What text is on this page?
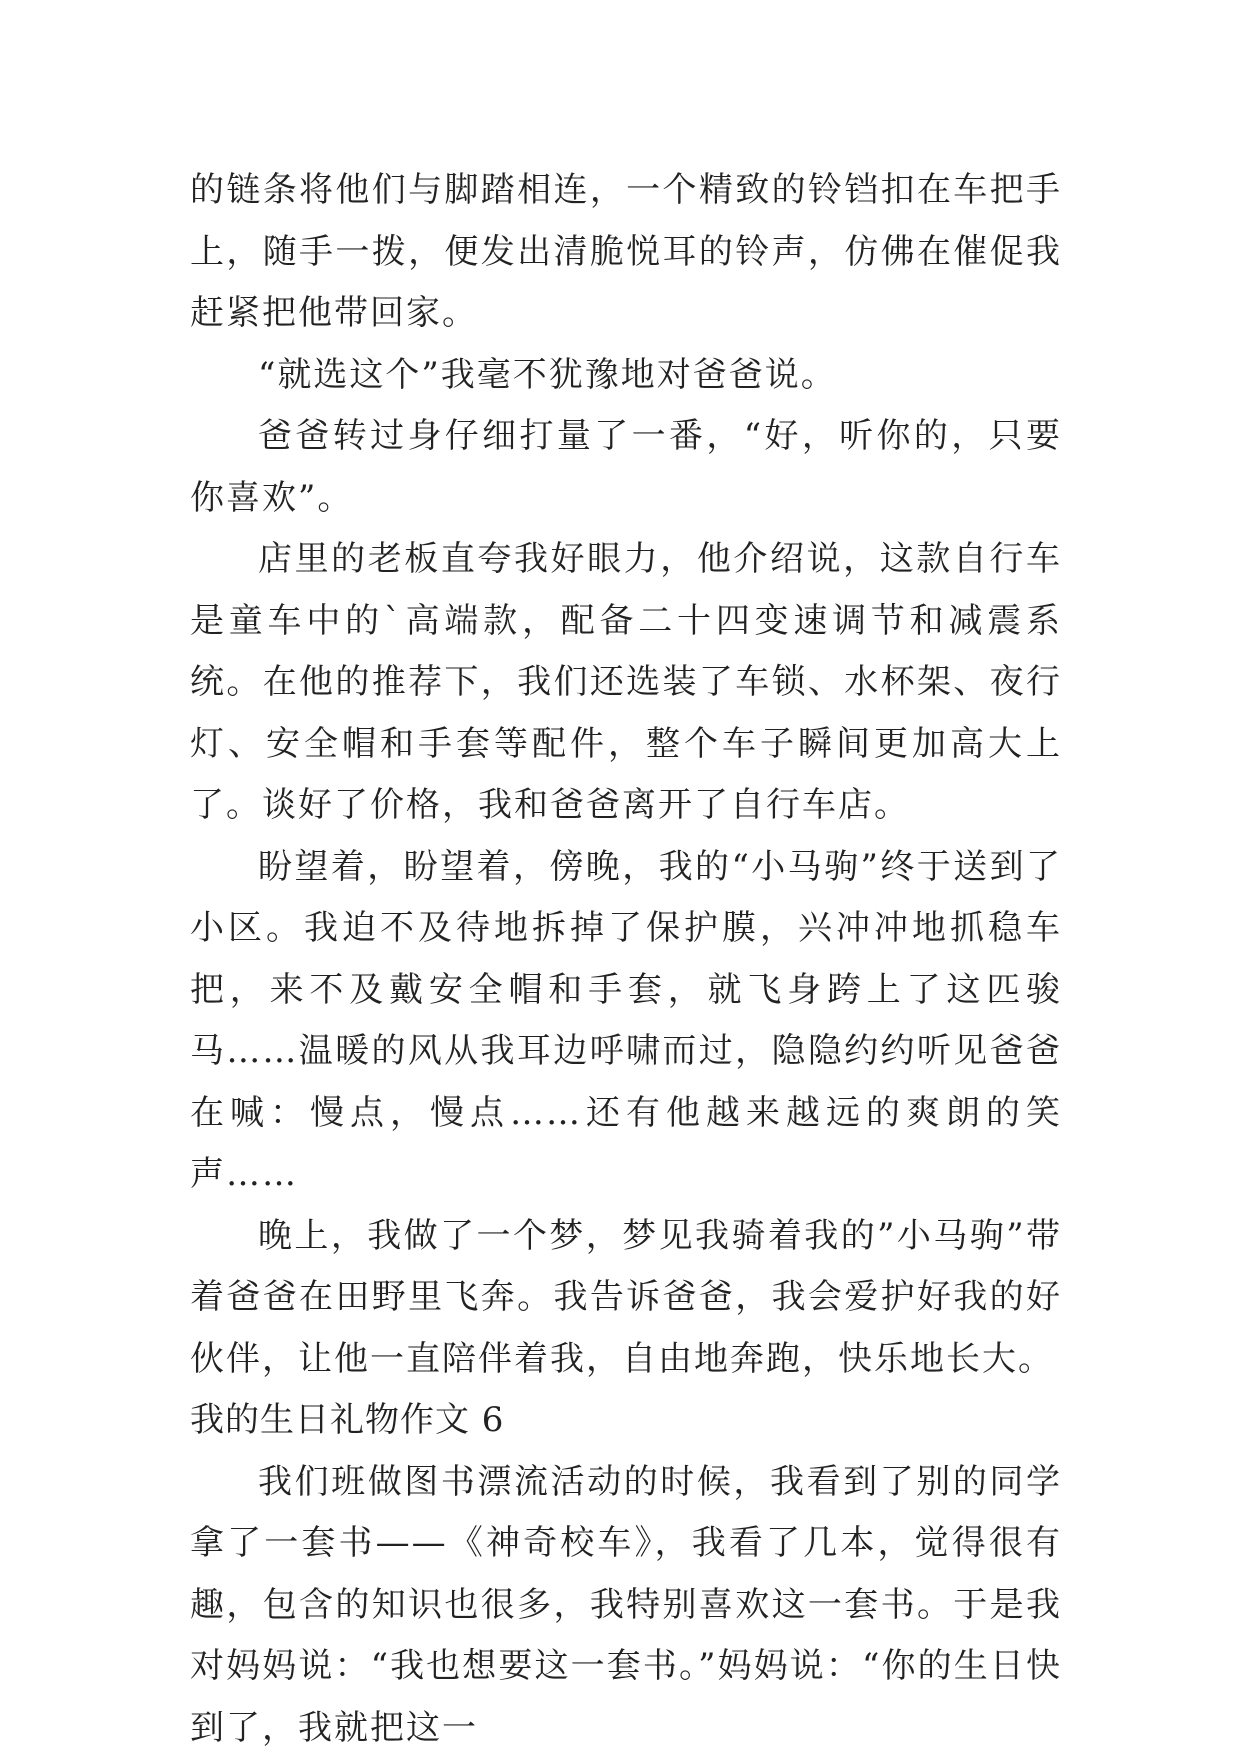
的链条将他们与脚踏相连，一个精致的铃铛扣在车把手上，随手一拨，便发出清脆悦耳的铃声，仿佛在催促我赶紧把他带回家。

“就选这个”我毫不犹豫地对爸爸说。

爸爸转过身仔细打量了一番，“好，听你的，只要你喜欢”。

店里的老板直夸我好眼力，他介绍说，这款自行车是童车中的`高端款，配备二十四变速调节和减震系统。在他的推荐下，我们还选装了车锁、水杯架、夜行灯、安全帽和手套等配件，整个车子瞬间更加高大上了。谈好了价格，我和爸爸离开了自行车店。

盼望着，盼望着，傍晚，我的“小马驹”终于送到了小区。我迫不及待地拆掉了保护膜，兴冲冲地抓稳车把，来不及戴安全帽和手套，就飞身跨上了这匹骏马……温暖的风从我耳边呼啸而过，隐隐约约听见爸爸在喊：慢点，慢点……还有他越来越远的爽朗的笑声……

晚上，我做了一个梦，梦见我骑着我的”小马驹”带着爸爸在田野里飞奔。我告诉爸爸，我会爱护好我的好伙伴，让他一直陪伴着我，自由地奔跑，快乐地长大。

我的生日礼物作文 6

我们班做图书漂流活动的时候，我看到了别的同学拿了一套书——《神奇校车》，我看了几本，觉得很有趣，包含的知识也很多，我特别喜欢这一套书。于是我对妈妈说：“我也想要这一套书。”妈妈说：“你的生日快到了，我就把这一
